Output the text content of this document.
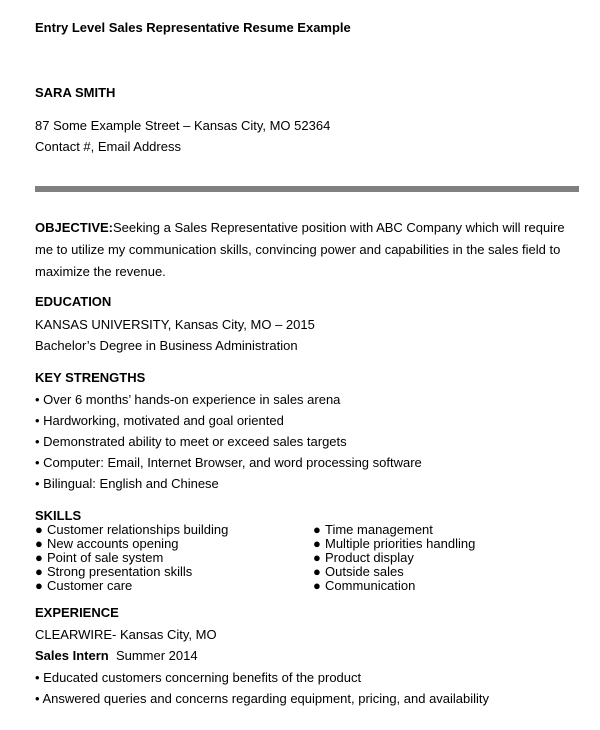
Entry Level Sales Representative Resume Example
SARA SMITH
87 Some Example Street – Kansas City, MO 52364
Contact #, Email Address
OBJECTIVE:Seeking a Sales Representative position with ABC Company which will require me to utilize my communication skills, convincing power and capabilities in the sales field to maximize the revenue.
EDUCATION
KANSAS UNIVERSITY, Kansas City, MO – 2015
Bachelor’s Degree in Business Administration
KEY STRENGTHS
• Over 6 months’ hands-on experience in sales arena
• Hardworking, motivated and goal oriented
• Demonstrated ability to meet or exceed sales targets
• Computer: Email, Internet Browser, and word processing software
• Bilingual: English and Chinese
SKILLS
● Customer relationships building
● New accounts opening
● Point of sale system
● Strong presentation skills
● Customer care
● Time management
● Multiple priorities handling
● Product display
● Outside sales
● Communication
EXPERIENCE
CLEARWIRE- Kansas City, MO
Sales Intern Summer 2014
• Educated customers concerning benefits of the product
• Answered queries and concerns regarding equipment, pricing, and availability
